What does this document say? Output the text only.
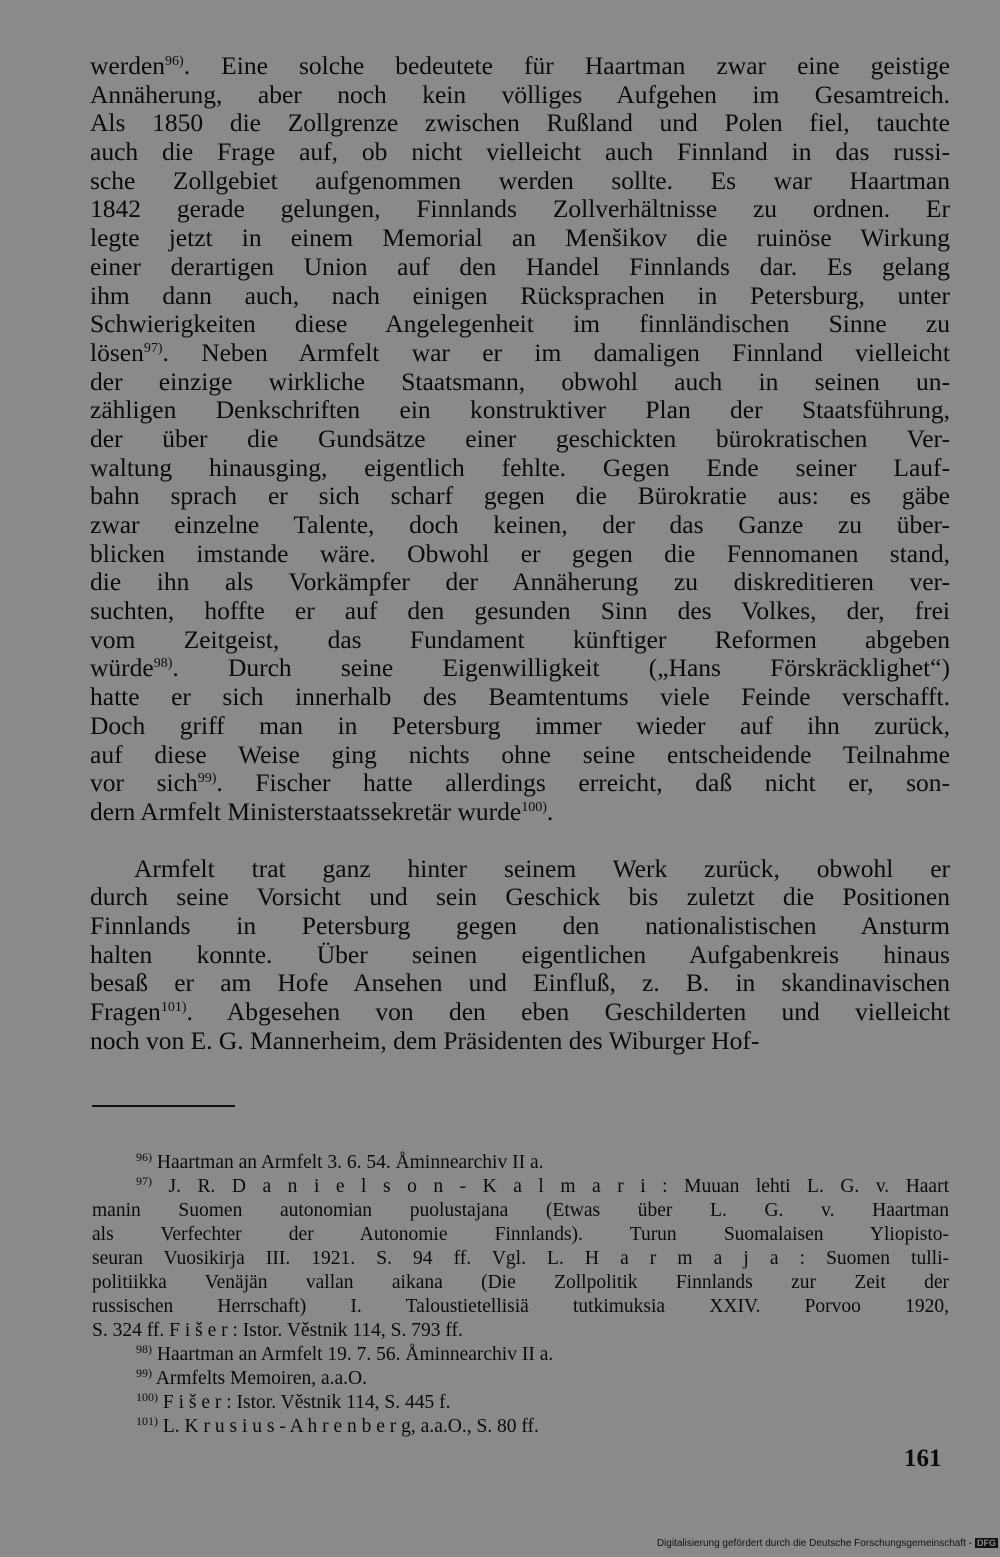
werden$^{96)}$. Eine solche bedeutete für Haartman zwar eine geistige
Annäherung, aber noch kein völliges Aufgehen im Gesamtreich.
Als 1850 die Zollgrenze zwischen Rußland und Polen fiel, tauchte
auch die Frage auf, ob nicht vielleicht auch Finnland in das russi-
sche Zollgebiet aufgenommen werden sollte. Es war Haartman
1842 gerade gelungen, Finnlands Zollverhältnisse zu ordnen. Er
legte jetzt in einem Memorial an Menšikov die ruinöse Wirkung
einer derartigen Union auf den Handel Finnlands dar. Es gelang
ihm dann auch, nach einigen Rücksprachen in Petersburg, unter
Schwierigkeiten diese Angelegenheit im finnländischen Sinne zu
lösen$^{97)}$. Neben Armfelt war er im damaligen Finnland vielleicht
der einzige wirkliche Staatsmann, obwohl auch in seinen un-
zähligen Denkschriften ein konstruktiver Plan der Staatsführung,
der über die Gundsätze einer geschickten bürokratischen Ver-
waltung hinausging, eigentlich fehlte. Gegen Ende seiner Lauf-
bahn sprach er sich scharf gegen die Bürokratie aus: es gäbe
zwar einzelne Talente, doch keinen, der das Ganze zu über-
blicken imstande wäre. Obwohl er gegen die Fennomanen stand,
die ihn als Vorkämpfer der Annäherung zu diskreditieren ver-
suchten, hoffte er auf den gesunden Sinn des Volkes, der, frei
vom Zeitgeist, das Fundament künftiger Reformen abgeben
würde$^{98)}$. Durch seine Eigenwilligkeit („Hans Förskräcklighet“)
hatte er sich innerhalb des Beamtentums viele Feinde verschafft.
Doch griff man in Petersburg immer wieder auf ihn zurück,
auf diese Weise ging nichts ohne seine entscheidende Teilnahme
vor sich$^{99)}$. Fischer hatte allerdings erreicht, daß nicht er, son-
dern Armfelt Ministerstaatssekretär wurde$^{100)}$.
Armfelt trat ganz hinter seinem Werk zurück, obwohl er
durch seine Vorsicht und sein Geschick bis zuletzt die Positionen
Finnlands in Petersburg gegen den nationalistischen Ansturm
halten konnte. Über seinen eigentlichen Aufgabenkreis hinaus
besaß er am Hofe Ansehen und Einfluß, z. B. in skandinavischen
Fragen$^{101)}$. Abgesehen von den eben Geschilderten und vielleicht
noch von E. G. Mannerheim, dem Präsidenten des Wiburger Hof-
$^{96)}$ Haartman an Armfelt 3. 6. 54. Åminnearchiv II a.
$^{97)}$ J. R. D a n i e l s o n - K a l m a r i : Muuan lehti L. G. v. Haart
manin Suomen autonomian puolustajana (Etwas über L. G. v. Haartman
als Verfechter der Autonomie Finnlands). Turun Suomalaisen Yliopisto-
seuran Vuosikirja III. 1921. S. 94 ff. Vgl. L. H a r m a j a : Suomen tulli-
politiikka Venäjän vallan aikana (Die Zollpolitik Finnlands zur Zeit der
russischen Herrschaft) I. Taloustietellisiä tutkimuksia XXIV. Porvoo 1920,
S. 324 ff. F i š e r : Istor. Věstnik 114, S. 793 ff.
$^{98)}$ Haartman an Armfelt 19. 7. 56. Åminnearchiv II a.
$^{99)}$ Armfelts Memoiren, a.a.O.
$^{100)}$ F i š e r : Istor. Věstnik 114, S. 445 f.
$^{101)}$ L. K r u s i u s - A h r e n b e r g, a.a.O., S. 80 ff.
161
Digitalisierung gefördert durch die Deutsche Forschungsgemeinschaft - DFG
